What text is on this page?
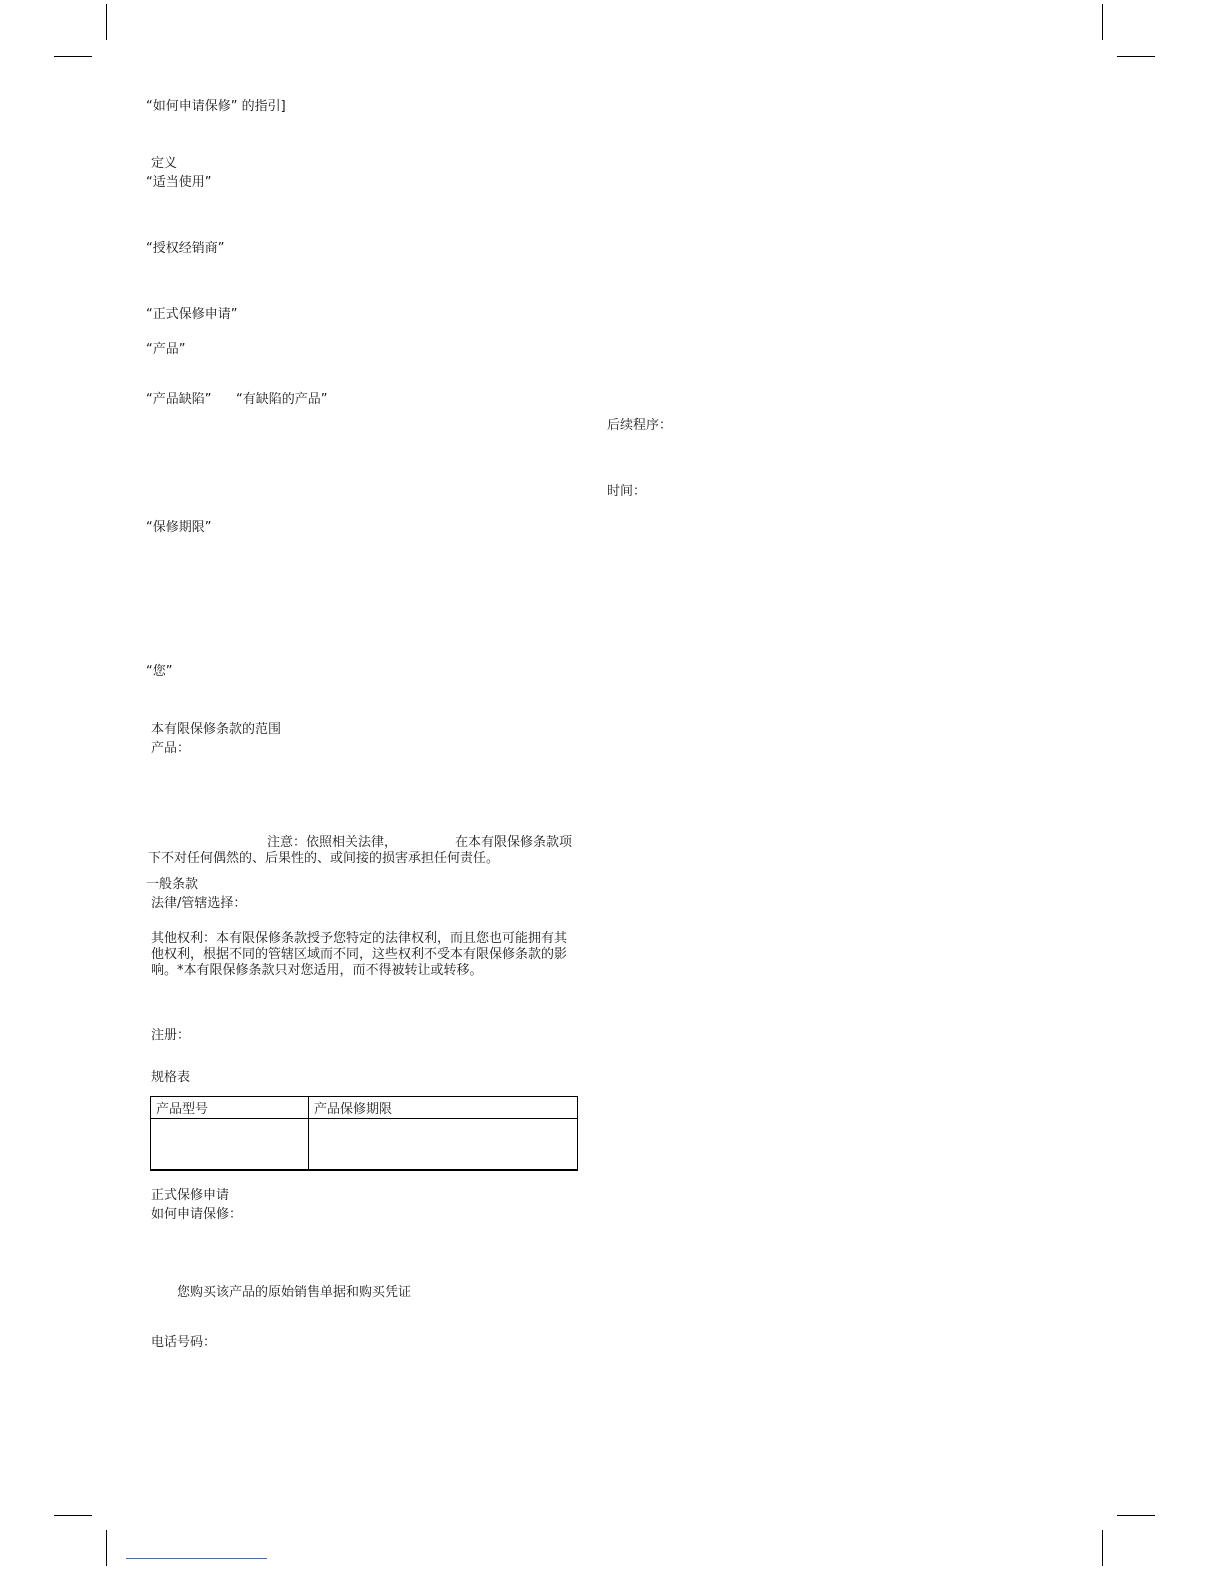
“如何申请保修” 的指引]
定义
“适当使用”
“授权经销商”
“正式保修申请”
“产品”
“产品缺陷” “有缺陷的产品”
“保修期限”
“您”
后续程序：
时间：
本有限保修条款的范围
产品：
注意：依照相关法律，	在本有限保修条款项
下不对任何偶然的、后果性的、或间接的损害承担任何责任。
一般条款
法律/管辖选择：
其他权利：本有限保修条款授予您特定的法律权利，而且您也可能拥有其
他权利，根据不同的管辖区域而不同，这些权利不受本有限保修条款的影
响。*本有限保修条款只对您适用，而不得被转让或转移。
注册：
规格表
产品型号	产品保修期限

正式保修申请
如何申请保修：
您购买该产品的原始销售单据和购买凭证
电话号码：
